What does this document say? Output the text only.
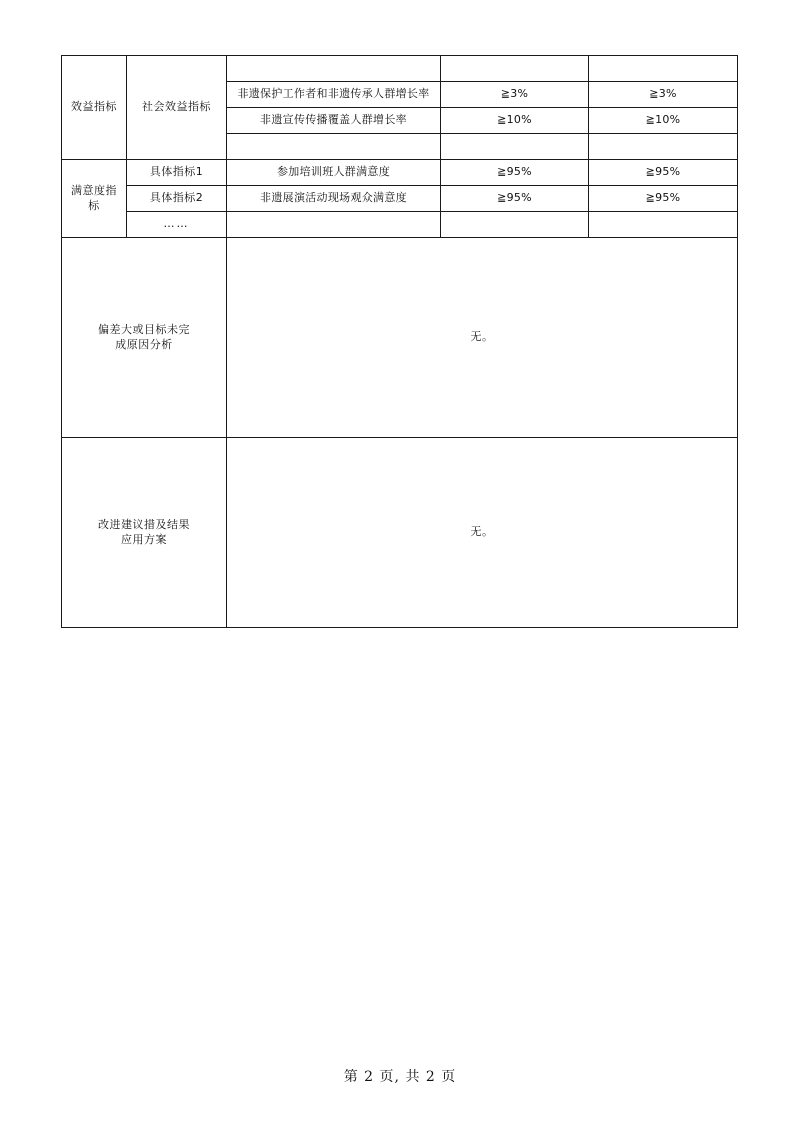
效益指标	社会效益指标			
		非遗保护工作者和非遗传承人群增长率	≧3%	≧3%
		非遗宣传传播覆盖人群增长率	≧10%	≧10%

满意度指
标	具体指标1	参加培训班人群满意度	≧95%	≧95%
	具体指标2	非遗展演活动现场观众满意度	≧95%	≧95%
	……			

偏差大或目标未完
成原因分析		无。		

改进建议措及结果
应用方案		无。		
第 2 页, 共 2 页
